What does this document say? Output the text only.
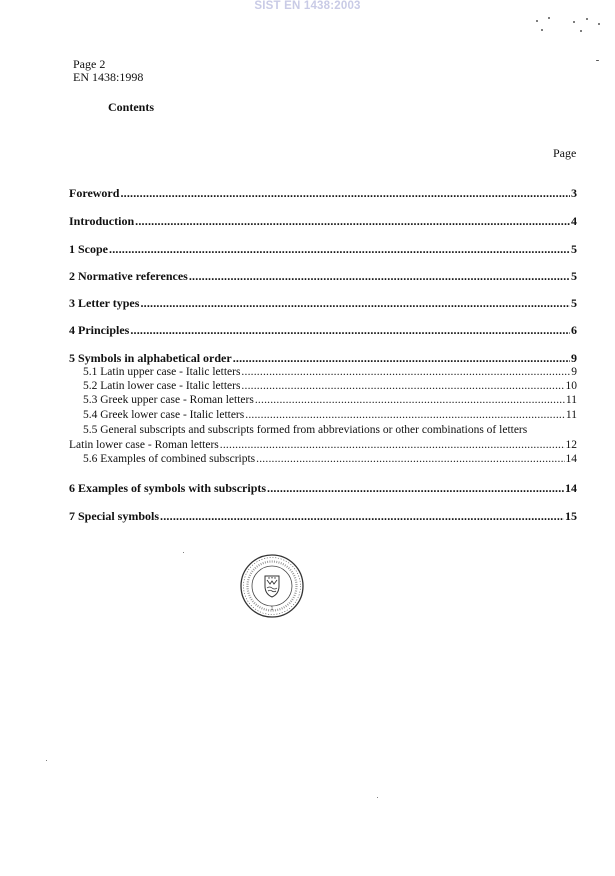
SIST EN 1438:2003
Page 2
EN 1438:1998
Contents
Page
Foreword .....	3
Introduction .....	4
1 Scope .....	5
2 Normative references .....	5
3 Letter types .....	5
4 Principles .....	6
5 Symbols in alphabetical order .....	9
5.1 Latin upper case - Italic letters .....	9
5.2 Latin lower case - Italic letters .....	10
5.3 Greek upper case - Roman letters .....	11
5.4 Greek lower case - Italic letters .....	11
5.5 General subscripts and subscripts formed from abbreviations or other combinations of letters
Latin lower case - Roman letters .....	12
5.6 Examples of combined subscripts .....	14
6 Examples of symbols with subscripts .....	14
7 Special symbols .....	15
1
